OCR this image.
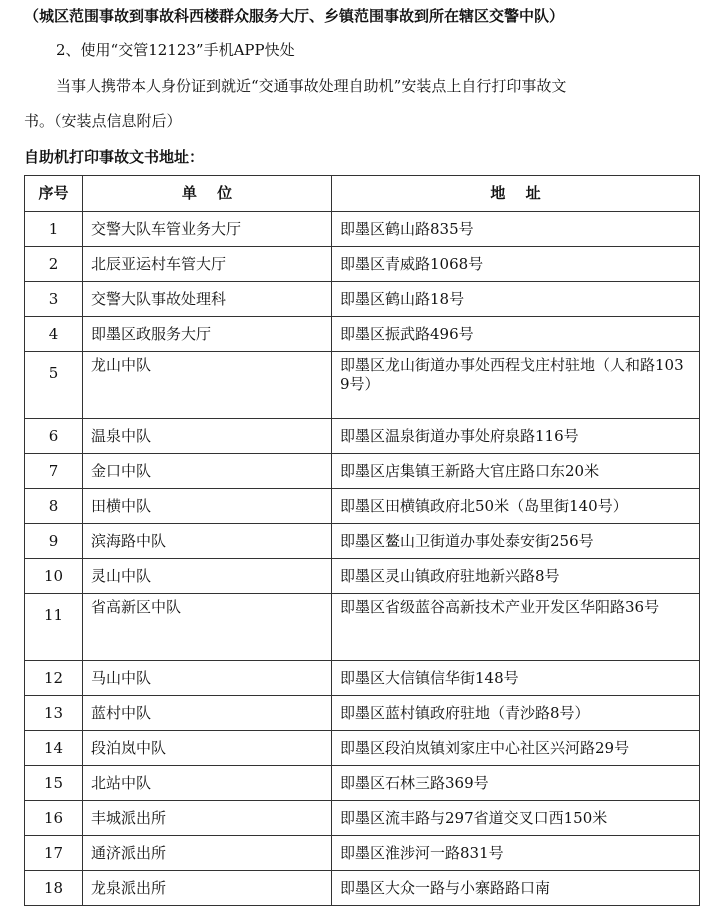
（城区范围事故到事故科西楼群众服务大厅、乡镇范围事故到所在辖区交警中队）
2、使用“交管12123”手机APP快处
当事人携带本人身份证到就近“交通事故处理自助机”安装点上自行打印事故文
书。（安装点信息附后）
自助机打印事故文书地址：
序号	单　 位	地　 址
1	交警大队车管业务大厅	即墨区鹤山路835号
2	北辰亚运村车管大厅	即墨区青威路1068号
3	交警大队事故处理科	即墨区鹤山路18号
4	即墨区政服务大厅	即墨区振武路496号
5	龙山中队	即墨区龙山街道办事处西程戈庄村驻地（人和路1039号）
6	温泉中队	即墨区温泉街道办事处府泉路116号
7	金口中队	即墨区店集镇王新路大官庄路口东20米
8	田横中队	即墨区田横镇政府北50米（岛里街140号）
9	滨海路中队	即墨区鳌山卫街道办事处泰安街256号
10	灵山中队	即墨区灵山镇政府驻地新兴路8号
11	省高新区中队	即墨区省级蓝谷高新技术产业开发区华阳路36号
12	马山中队	即墨区大信镇信华街148号
13	蓝村中队	即墨区蓝村镇政府驻地（青沙路8号）
14	段泊岚中队	即墨区段泊岚镇刘家庄中心社区兴河路29号
15	北站中队	即墨区石林三路369号
16	丰城派出所	即墨区流丰路与297省道交叉口西150米
17	通济派出所	即墨区淮涉河一路831号
18	龙泉派出所	即墨区大众一路与小寨路路口南
